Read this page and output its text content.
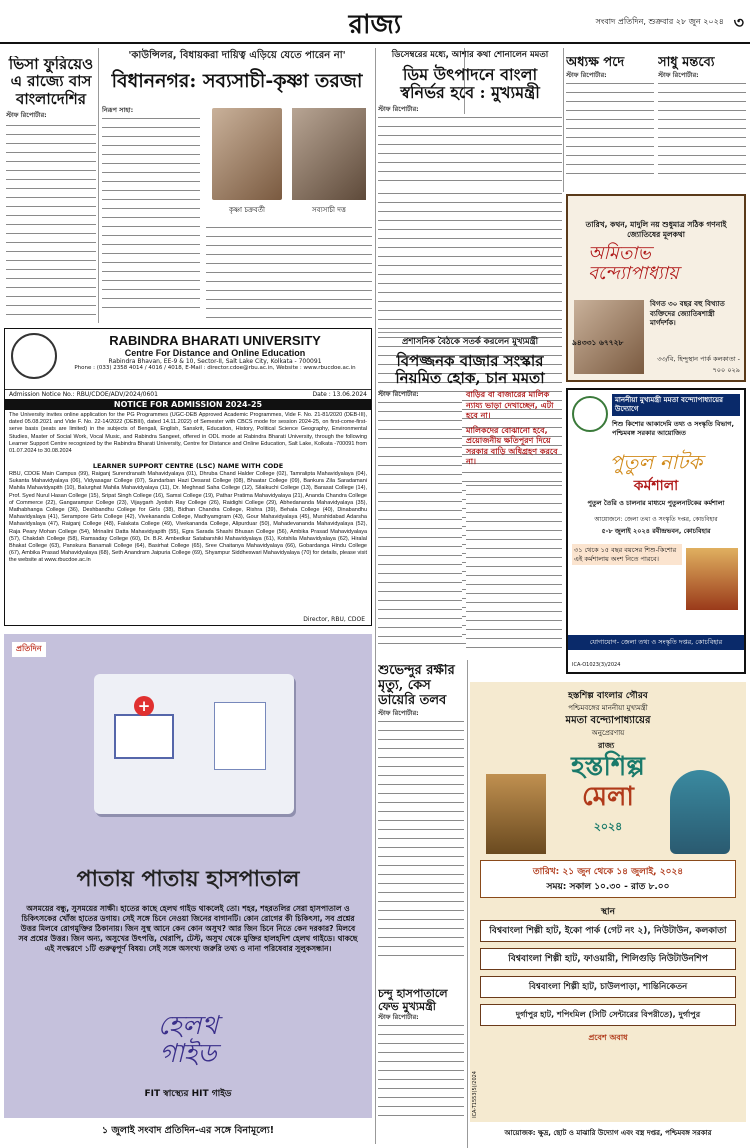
রাজ্য	সংবাদ প্রতিদিন, শুক্রবার ২৮ জুন ২০২৪ ৩
ভিসা ফুরিয়েও এ রাজ্যে বাস বাংলাদেশির
স্টাফ রিপোর্টার:
'কাউন্সিলর, বিধায়করা দায়িত্ব এড়িয়ে যেতে পারেন না'
বিধাননগর: সব্যসাচী-কৃষ্ণা তরজা
নিরূপ সাহা:
কৃষ্ণা চক্রবর্তী	সব্যসাচী দত্ত
ডিসেম্বরের মধ্যে, আশার কথা শোনালেন মমতা
ডিম উৎপাদনে বাংলা স্বনির্ভর হবে : মুখ্যমন্ত্রী
স্টাফ রিপোর্টার:
অধ্যক্ষ পদে
স্টাফ রিপোর্টার:
সাধু মন্তব্যে
স্টাফ রিপোর্টার:
RABINDRA BHARATI UNIVERSITY
Centre For Distance and Online Education
Rabindra Bhavan, EE-9 & 10, Sector-II, Salt Lake City, Kolkata - 700091
Phone : (033) 2358 4014 / 4016 / 4018, E-Mail : director.cdoe@rbu.ac.in, Website : www.rbucdoe.ac.in
Admission Notice No.: RBU/CDOE/ADV/2024/0601	Date : 13.06.2024
NOTICE FOR ADMISSION 2024-25
The University invites online application for the PG Programmes (UGC-DEB Approved Academic Programmes, Vide F. No. 21-81/2020 (DEB-III), dated 05.08.2021 and Vide F. No. 22-14/2022 (DEBIII), dated 14.11.2022) of Semester with CBCS mode for session 2024-25, on first-come-first-serve basis (seats are limited) in the subjects of Bengali, English, Sanskrit, Education, History, Political Science Geography, Environmental Studies, Master of Social Work, Vocal Music, and Rabindra Sangeet, offered in ODL mode at Rabindra Bharati University, through the following Learner Support Centre recognized by the Rabindra Bharati University, Centre for Distance and Online Education, Salt Lake, Kolkata -700091 from 01.07.2024 to 30.08.2024
LEARNER SUPPORT CENTRE (LSC) NAME WITH CODE
RBU, CDOE Main Campus (99), Raiganj Surendranath Mahavidyalaya (01), Dhruba Chand Halder College (02), Tamralipta Mahavidyalaya (04), Sukanta Mahavidyalaya (06), Vidyasagar College (07), Sundarban Hazi Desarat College (08), Bhaatar College (09), Bankura Zila Saradamani Mahila Mahavidyapith (10), Balurghat Mahila Mahavidyalaya (11), Dr. Meghnad Saha College (12), Silaikuchi College (13), Barasat College (14), Prof. Syed Nurul Hasan College (15), Sripat Singh College (16), Samsi College (19), Pathar Pratima Mahavidyalaya (21), Ananda Chandra College of Commerce (22), Gangarampur College (23), Vijaygarh Jyotish Ray College (26), Raidighi College (29), Abhedananda Mahavidyalaya (35), Mathabhanga College (36), Deshbandhu College for Girls (38), Bidhan Chandra College, Rishra (39), Behala College (40), Dinabandhu Mahavidyalaya (41), Serampore Girls College (42), Vivekananda College, Madhyamgram (43), Gour Mahavidyalaya (45), Murshidabad Adarsha Mahavidyalaya (47), Raiganj College (48), Falakata College (49), Vivekananda College, Alipurduar (50), Mahadevananda Mahavidyalaya (52), Raja Peary Mohan College (54), Mrinalini Datta Mahavidyapith (55), Egra Sarada Shashi Bhusan College (56), Ambika Prasad Mahavidyalaya (57), Chakdah College (58), Ramsaday College (60), Dr. B.R. Ambedkar Satabarshiki Mahavidyalaya (61), Kotshila Mahavidyalaya (62), Hiralal Bhakat College (63), Panskura Banamali College (64), Basirhat College (65), Sree Chaitanya Mahavidyalaya (66), Gobardanga Hindu College (67), Ambika Prasad Mahavidyalaya (68), Seth Anandram Jaipuria College (69), Shyampur Siddheswari Mahavidyalaya (70) for details, please visit the website at www.rbucdoe.ac.in
Director, RBU, CDOE
প্রতিদিন
+
পাতায় পাতায় হাসপাতাল
অসময়ের বন্ধু, সুসময়ের সাক্ষী। হাতের কাছে হেলথ গাইড থাকলেই তো। শহর, শহরতলির সেরা হাসপাতাল ও চিকিৎসকের খোঁজ হাতের ডগায়। সেই সঙ্গে চিনে নেওয়া জিনের বাগানটি। কোন রোগের কী চিকিৎসা, সব প্রশ্নের উত্তর মিলবে রোগমুক্তির ঠিকানায়। জিন সুস্থ আনে কেন কোন অসুখ? আর জিন চিনে নিতে কেন দরকার? মিলবে সব প্রশ্নের উত্তর। জিন অন্য, অসুখের উৎপত্তি, থেরাপি, টেস্ট, অসুখ থেকে মুক্তির হালহদিশ হেলথ গাইডে। থাকছে এই সংস্করণে ১টি গুরুত্বপূর্ণ বিষয়। সেই সঙ্গে অসংখ্য জরুরি তথ্য ও নানা পরিষেবার সুলুকসন্ধান।
হেলথ
গাইড
FIT স্বাস্থ্যের HIT গাইড
১ জুলাই সংবাদ প্রতিদিন-এর সঙ্গে বিনামূল্যে!
তারিখ, কথন, মাদুলি নয় শুধুমাত্র সঠিক গণনাই জ্যোতিষের মূলকথা
অমিতাভ বন্দ্যোপাধ্যায়
বিগত ৩০ বছর বহু বিখ্যাত ব্যক্তিদের জ্যোতিষশাস্ত্রী মার্গদর্শক।
৯৪৩৩১ ৬৭৭২৮
৩৩/বি, হিন্দুস্থান পার্ক কলকাতা - ৭০০ ০২৯
প্রশাসনিক বৈঠকে সতর্ক করলেন মুখ্যমন্ত্রী
বিপজ্জনক বাজার সংস্কার নিয়মিত হোক, চান মমতা
স্টাফ রিপোর্টার:	বাড়ির বা বাজারের মালিক ন্যায্য ভাড়া দেখাচ্ছেন, এটা হবে না।
মালিকদের বোঝানো হবে, প্রয়োজনীয় ক্ষতিপূরণ দিয়ে সরকার বাড়ি অধিগ্রহণ করবে না।
মাননীয়া মুখ্যমন্ত্রী মমতা বন্দ্যোপাধ্যায়ের উদ্যোগে
শিশু কিশোর আকাদেমি তথ্য ও সংস্কৃতি বিভাগ, পশ্চিমবঙ্গ সরকার আয়োজিত
পুতুল নাটক
কর্মশালা
পুতুল তৈরি ও চালনার মাধ্যমে পুতুলনাটকের কর্মশালা
আয়োজনে: জেলা তথ্য ও সংস্কৃতি দপ্তর, কোচবিহার
৫-৮ জুলাই ২০২৪ রবীন্দ্রভবন, কোচবিহার
৩১ থেকে ১৫ বছর বয়সের শিশু-কিশোর এই কর্মশালায় অংশ নিতে পারবে।
যোগাযোগ- জেলা তথ্য ও সংস্কৃতি দপ্তর, কোচবিহার
ICA-O1023(3)/2024
শুভেন্দুর রক্ষীর মৃত্যু, কেস ডায়েরি তলব
স্টাফ রিপোর্টার:
চন্দু হাসপাতালে ফেভ মুখ্যমন্ত্রী
স্টাফ রিপোর্টার:
হস্তশিল্প বাংলার গৌরব
পশ্চিমবঙ্গের মাননীয়া মুখ্যমন্ত্রী
মমতা বন্দ্যোপাধ্যায়ের
অনুপ্রেরণায়
রাজ্য
হস্তশিল্প
মেলা
২০২৪
তারিখ: ২১ জুন থেকে ১৪ জুলাই, ২০২৪
সময়: সকাল ১০.৩০ - রাত ৮.০০
স্থান
বিশ্ববাংলা শিল্পী হাট, ইকো পার্ক (গেট নং ২), নিউটাউন, কলকাতা
বিশ্ববাংলা শিল্পী হাট, ফাওয়ারী, শিলিগুড়ি নিউটাউনশিপ
বিশ্ববাংলা শিল্পী হাট, চাউলপাড়া, শান্তিনিকেতন
দুর্গাপুর হাট, শপিংমিল (সিটি সেন্টারের বিপরীতে), দুর্গাপুর
প্রবেশ অবাধ
আয়োজক: ক্ষুদ্র, ছোট ও মাঝারি উদ্যোগ এবং বস্ত্র দপ্তর, পশ্চিমবঙ্গ সরকার
ICA-T1553(5)/2024
